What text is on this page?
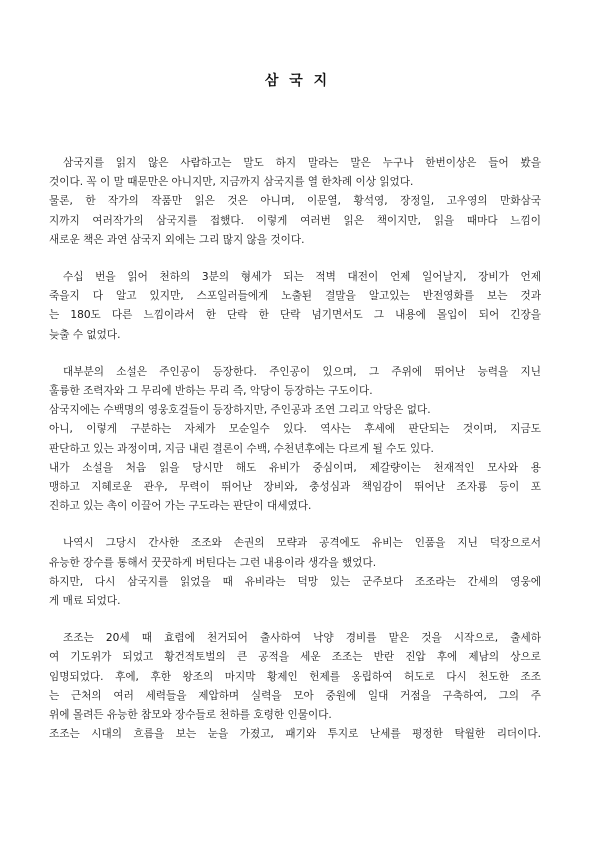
삼 국 지
삼국지를 읽지 않은 사람하고는 말도 하지 말라는 말은 누구나 한번이상은 들어 봤을
것이다. 꼭 이 말 때문만은 아니지만, 지금까지 삼국지를 열 한차례 이상 읽었다.
물론, 한 작가의 작품만 읽은 것은 아니며, 이문열, 황석영, 장정일, 고우영의 만화삼국
지까지 여러작가의 삼국지를 접했다. 이렇게 여러번 읽은 책이지만, 읽을 때마다 느낌이
새로운 책은 과연 삼국지 외에는 그리 많지 않을 것이다.
수십 번을 읽어 천하의 3분의 형세가 되는 적벽 대전이 언제 일어날지, 장비가 언제
죽을지 다 알고 있지만, 스포일러들에게 노출된 결말을 알고있는 반전영화를 보는 것과
는 180도 다른 느낌이라서 한 단락 한 단락 넘기면서도 그 내용에 몰입이 되어 긴장을
늦출 수 없었다.
대부분의 소설은 주인공이 등장한다. 주인공이 있으며, 그 주위에 뛰어난 능력을 지닌
훌륭한 조력자와 그 무리에 반하는 무리 즉, 악당이 등장하는 구도이다.
삼국지에는 수백명의 영웅호걸들이 등장하지만, 주인공과 조연 그리고 악당은 없다.
아니, 이렇게 구분하는 자체가 모순일수 있다. 역사는 후세에 판단되는 것이며, 지금도
판단하고 있는 과정이며, 지금 내린 결론이 수백, 수천년후에는 다르게 될 수도 있다.
내가 소설을 처음 읽을 당시만 해도 유비가 중심이며, 제갈량이는 천재적인 모사와 용
맹하고 지혜로운 관우, 무력이 뛰어난 장비와, 충성심과 책임감이 뛰어난 조자룡 등이 포
진하고 있는 촉이 이끌어 가는 구도라는 판단이 대세였다.
나역시 그당시 간사한 조조와 손권의 모략과 공격에도 유비는 인품을 지닌 덕장으로서
유능한 장수를 통해서 꿋꿋하게 버틴다는 그런 내용이라 생각을 했었다.
하지만, 다시 삼국지를 읽었을 때 유비라는 덕망 있는 군주보다 조조라는 간세의 영웅에
게 매료 되었다.
조조는 20세 때 효렴에 천거되어 출사하여 낙양 경비를 맡은 것을 시작으로, 출세하
여 기도위가 되었고 황건적토벌의 큰 공적을 세운 조조는 반란 진압 후에 제남의 상으로
임명되었다. 후에, 후한 왕조의 마지막 황제인 헌제를 옹립하여 허도로 다시 천도한 조조
는 근처의 여러 세력들을 제압하며 실력을 모아 중원에 일대 거점을 구축하여, 그의 주
위에 몰려든 유능한 참모와 장수들로 천하를 호령한 인물이다.
조조는 시대의 흐름을 보는 눈을 가졌고, 패기와 투지로 난세를 평정한 탁월한 리더이다.
